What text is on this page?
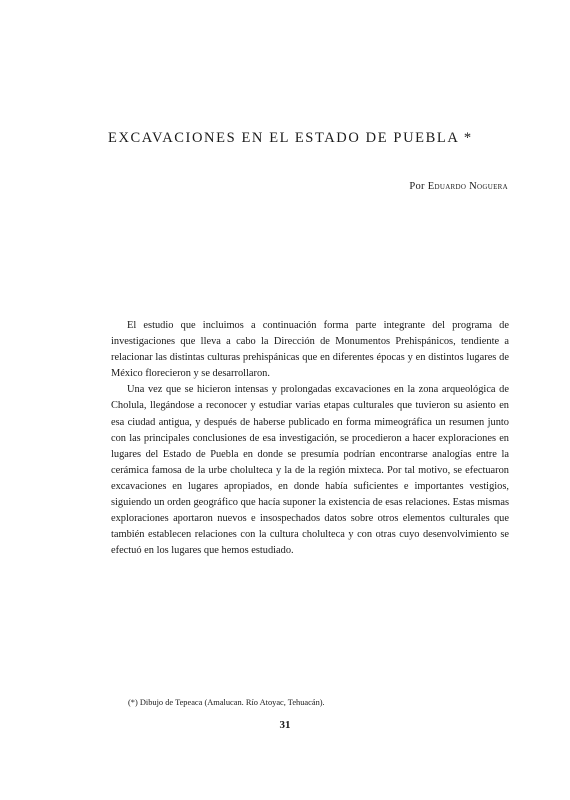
EXCAVACIONES EN EL ESTADO DE PUEBLA *
Por Eduardo Noguera

El estudio que incluimos a continuación forma parte integrante del programa de investigaciones que lleva a cabo la Dirección de Monumentos Prehispánicos, tendiente a relacionar las distintas culturas prehispánicas que en diferentes épocas y en distintos lugares de México florecieron y se desarrollaron.

Una vez que se hicieron intensas y prolongadas excavaciones en la zona arqueológica de Cholula, llegándose a reconocer y estudiar varias etapas culturales que tuvieron su asiento en esa ciudad antigua, y después de haberse publicado en forma mimeográfica un resumen junto con las principales conclusiones de esa investigación, se procedieron a hacer exploraciones en lugares del Estado de Puebla en donde se presumía podrían encontrarse analogías entre la cerámica famosa de la urbe cholulteca y la de la región mixteca. Por tal motivo, se efectuaron excavaciones en lugares apropiados, en donde había suficientes e importantes vestigios, siguiendo un orden geográfico que hacía suponer la existencia de esas relaciones. Estas mismas exploraciones aportaron nuevos e insospechados datos sobre otros elementos culturales que también establecen relaciones con la cultura cholulteca y con otras cuyo desenvolvimiento se efectuó en los lugares que hemos estudiado.

(*) Dibujo de Tepeaca (Amalucan. Río Atoyac, Tehuacán).
31
